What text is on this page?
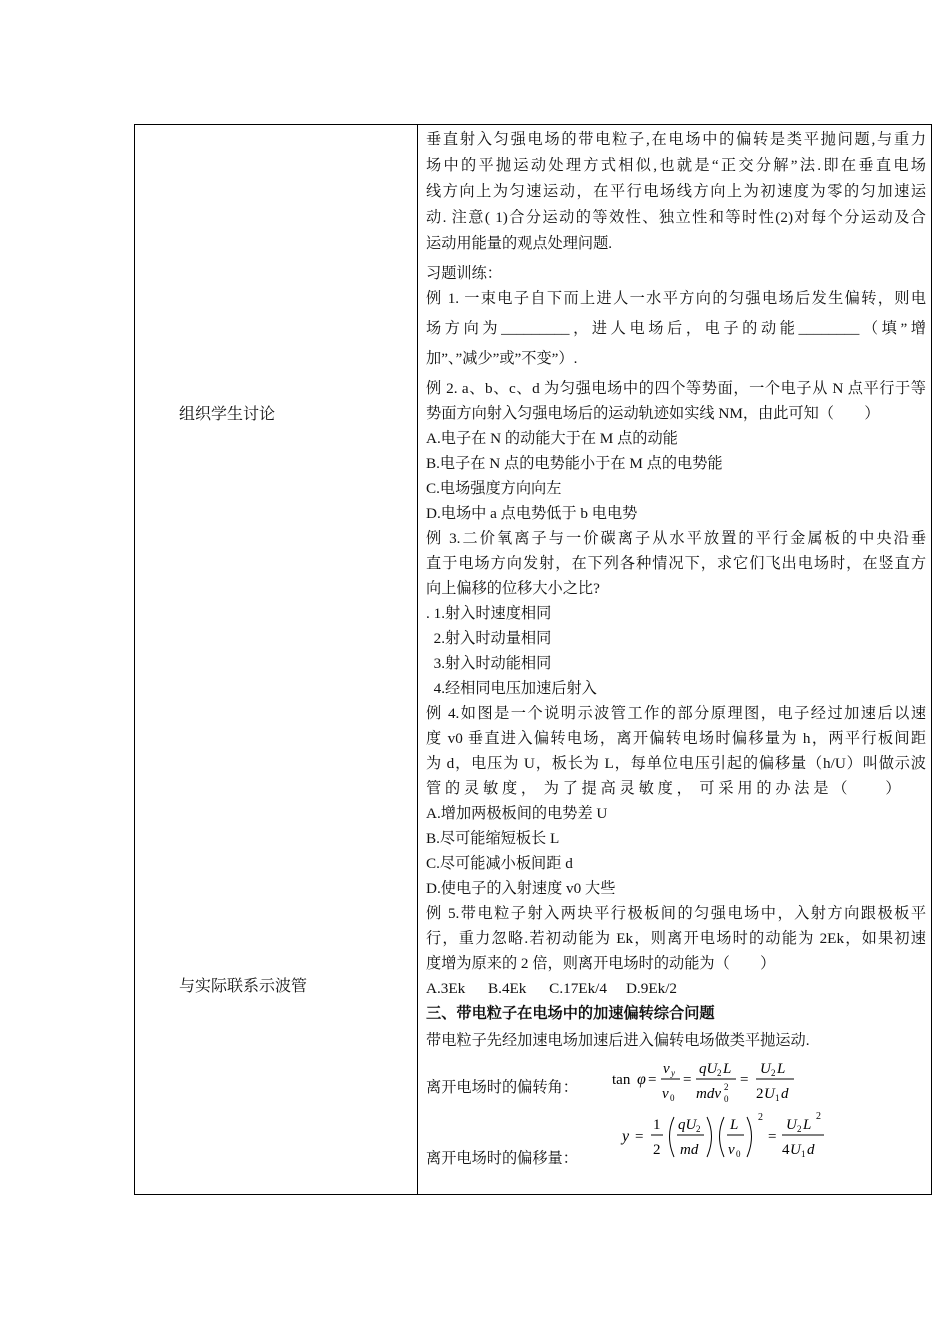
组织学生讨论
与实际联系示波管

垂直射入匀强电场的带电粒子,在电场中的偏转是类平抛问题,与重力

场中的平抛运动处理方式相似,也就是“正交分解”法.即在垂直电场

线方向上为匀速运动，在平行电场线方向上为初速度为零的匀加速运

动. 注意( 1)合分运动的等效性、独立性和等时性(2)对每个分运动及合

运动用能量的观点处理问题.

习题训练：

例 1. 一束电子自下而上进人一水平方向的匀强电场后发生偏转，则电

场方向为_________，进人电场后，电子的动能________（填”增

加”、”减少”或”不变”）.

例 2. a、b、c、d 为匀强电场中的四个等势面，一个电子从 N 点平行于等

势面方向射入匀强电场后的运动轨迹如实线 NM，由此可知（　　）

A.电子在 N 的动能大于在 M 点的动能

B.电子在 N 点的电势能小于在 M 点的电势能

C.电场强度方向向左

D.电场中 a 点电势低于 b 电电势

例 3.二价氧离子与一价碳离子从水平放置的平行金属板的中央沿垂

直于电场方向发射，在下列各种情况下，求它们飞出电场时，在竖直方

向上偏移的位移大小之比?

. 1.射入时速度相同

2.射入时动量相同

3.射入时动能相同

4.经相同电压加速后射入

例 4.如图是一个说明示波管工作的部分原理图，电子经过加速后以速

度 v0 垂直进入偏转电场，离开偏转电场时偏移量为 h，两平行板间距

为 d，电压为 U，板长为 L，每单位电压引起的偏移量（h/U）叫做示波

管 的 灵 敏 度 ，  为 了 提 高 灵 敏 度 ，  可 采 用 的 办 法 是 （　　  ）

A.增加两极板间的电势差 U

B.尽可能缩短板长 L

C.尽可能减小板间距 d

D.使电子的入射速度 v0 大些

例 5.带电粒子射入两块平行极板间的匀强电场中，入射方向跟极板平

行，重力忽略.若初动能为 Ek，则离开电场时的动能为 2Ek，如果初速

度增为原来的 2 倍，则离开电场时的动能为（　　）

A.3Ek　  B.4Ek　  C.17Ek/4　 D.9Ek/2

三、带电粒子在电场中的加速偏转综合问题

带电粒子先经加速电场加速后进入偏转电场做类平抛运动.

离开电场时的偏转角： tan φ =
v y
v 0
=
qU 2 L
mdv 2
0
=
U 2 L
2 U 1 d
离开电场时的偏移量：
y =
1
2
qU 2
md
L
v 0
2
=
U 2 L
2
4 U 1 d
